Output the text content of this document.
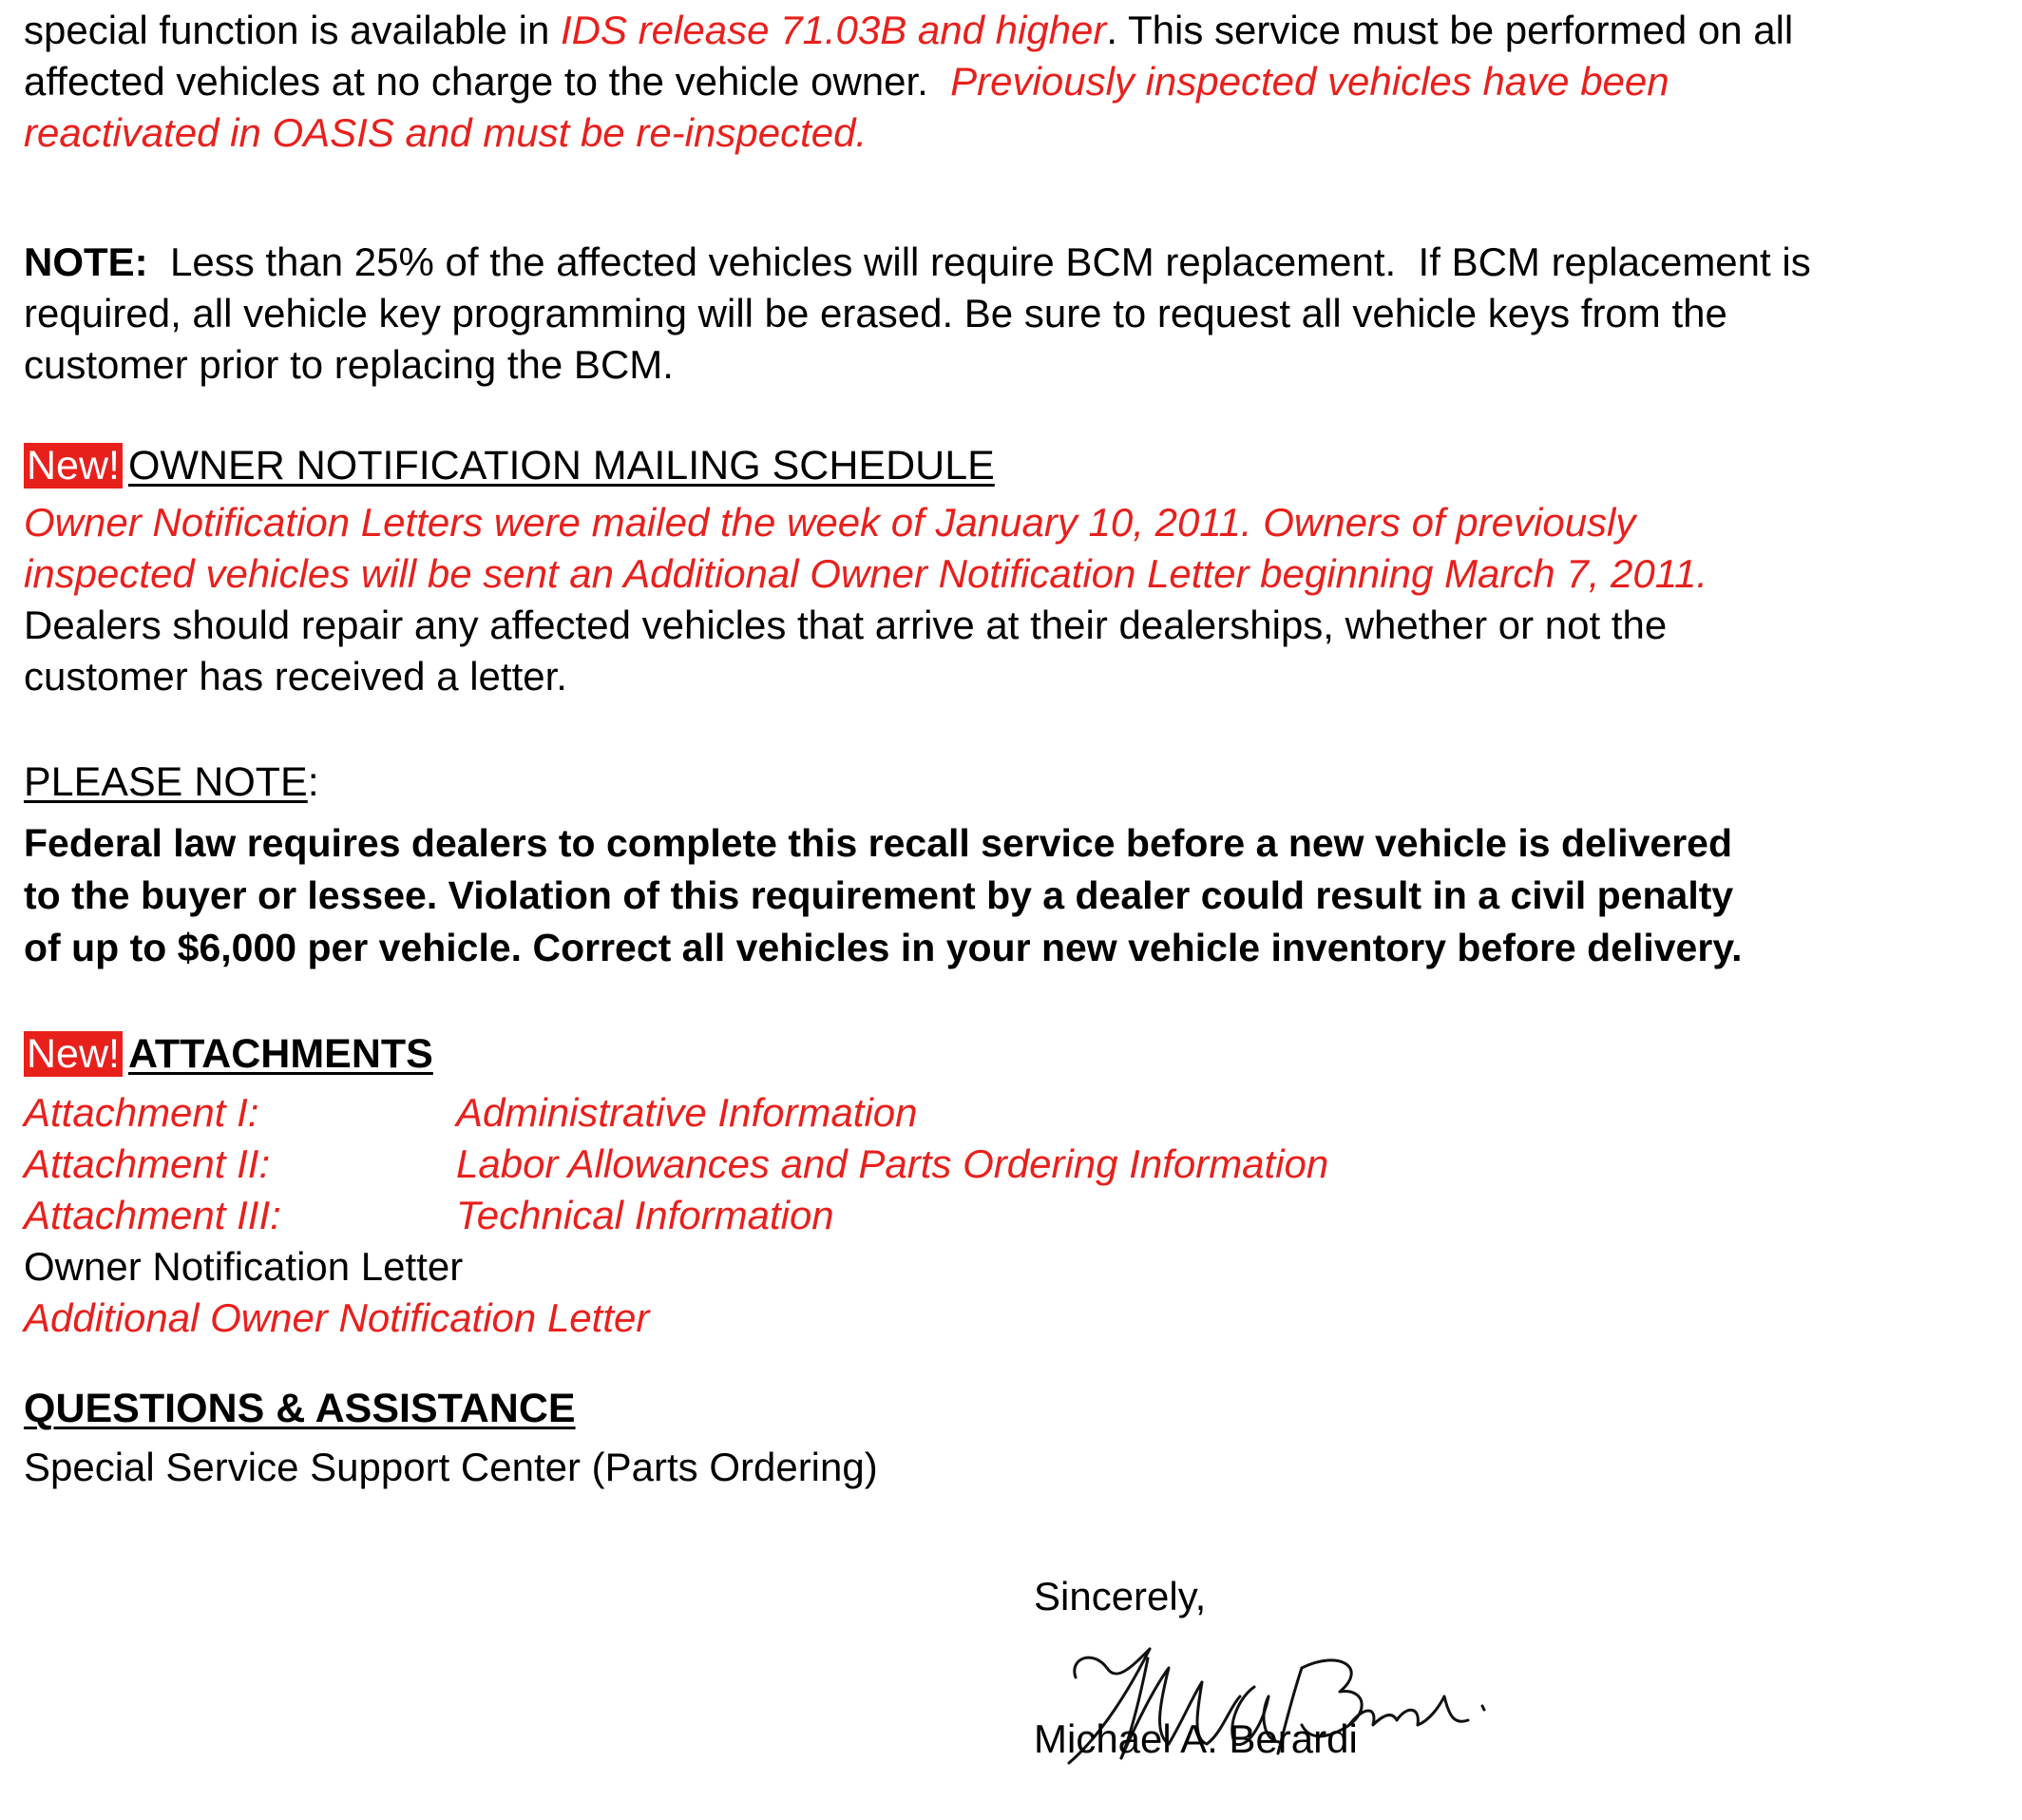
special function is available in IDS release 71.03B and higher. This service must be performed on all
affected vehicles at no charge to the vehicle owner.  Previously inspected vehicles have been
reactivated in OASIS and must be re-inspected.
NOTE:  Less than 25% of the affected vehicles will require BCM replacement.  If BCM replacement is
required, all vehicle key programming will be erased. Be sure to request all vehicle keys from the
customer prior to replacing the BCM.
New! OWNER NOTIFICATION MAILING SCHEDULE
Owner Notification Letters were mailed the week of January 10, 2011. Owners of previously
inspected vehicles will be sent an Additional Owner Notification Letter beginning March 7, 2011.
Dealers should repair any affected vehicles that arrive at their dealerships, whether or not the
customer has received a letter.
PLEASE NOTE:
Federal law requires dealers to complete this recall service before a new vehicle is delivered
to the buyer or lessee. Violation of this requirement by a dealer could result in a civil penalty
of up to $6,000 per vehicle. Correct all vehicles in your new vehicle inventory before delivery.
New! ATTACHMENTS
Attachment I:	Administrative Information
Attachment II:	Labor Allowances and Parts Ordering Information
Attachment III:	Technical Information
Owner Notification Letter
Additional Owner Notification Letter
QUESTIONS & ASSISTANCE
Special Service Support Center (Parts Ordering)
Sincerely,
Michael A. Berardi
